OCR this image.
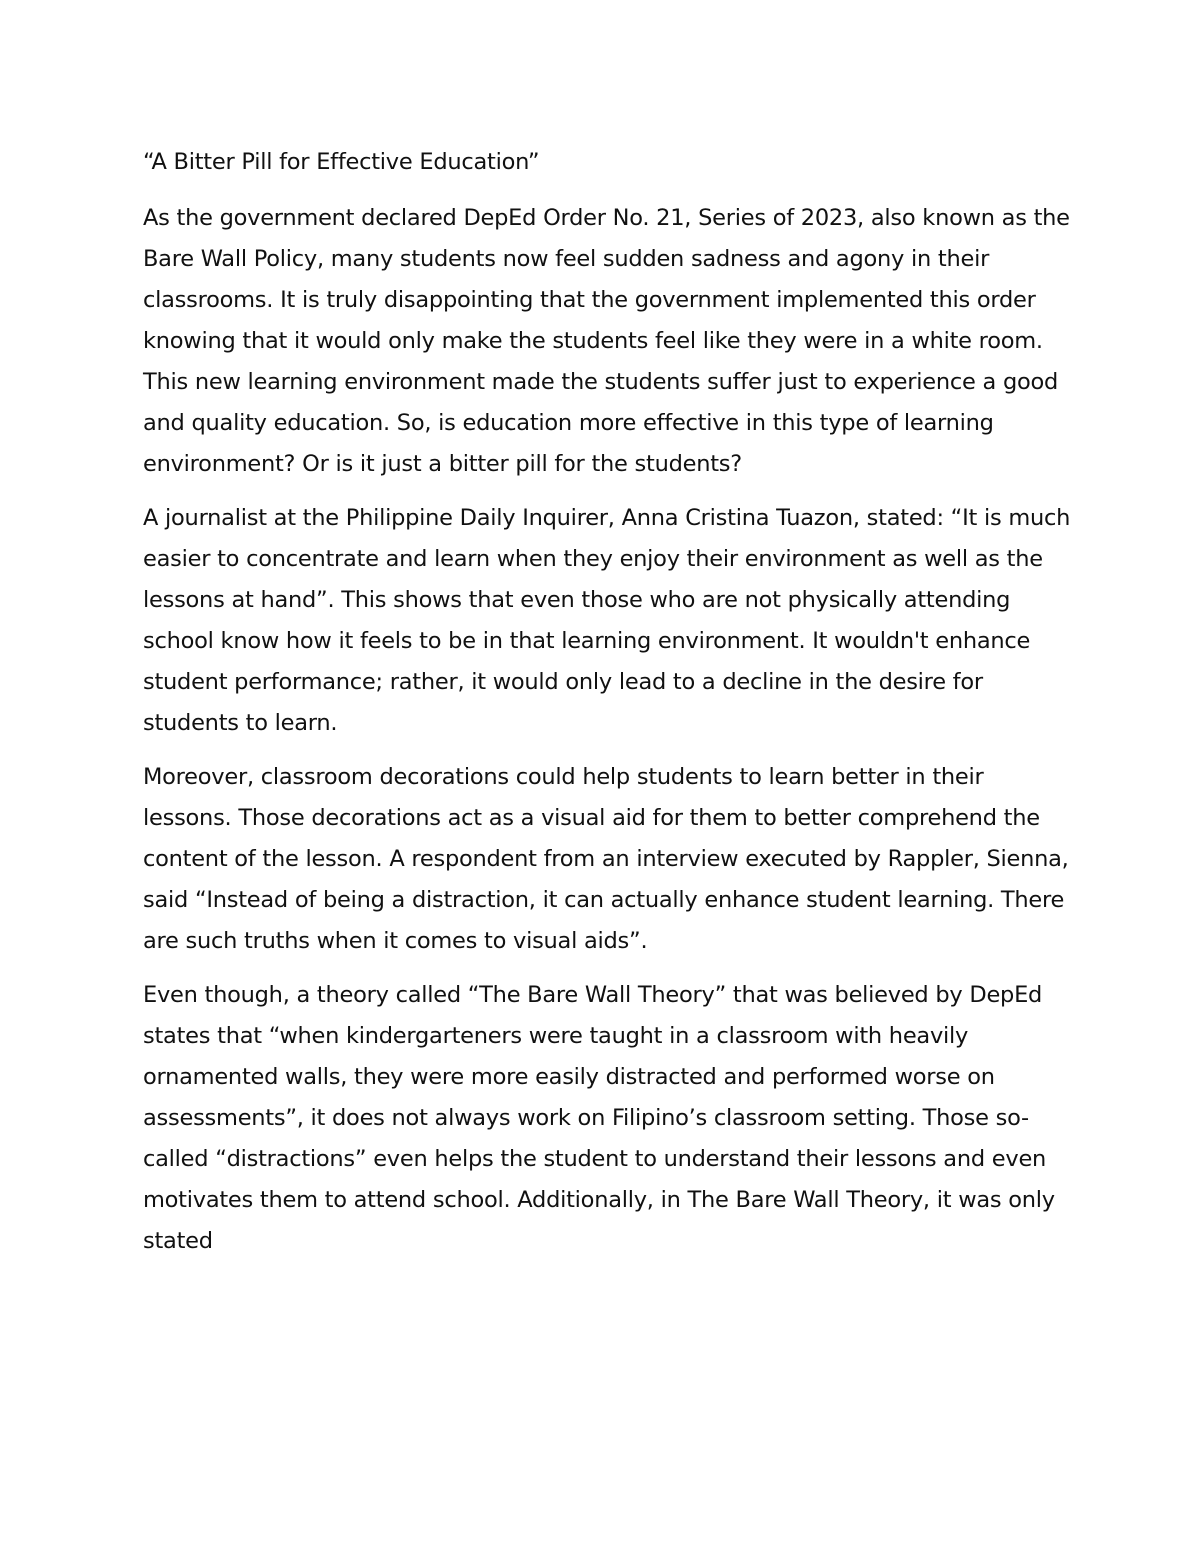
“A Bitter Pill for Effective Education”

As the government declared DepEd Order No. 21, Series of 2023, also known as the Bare Wall Policy, many students now feel sudden sadness and agony in their classrooms. It is truly disappointing that the government implemented this order knowing that it would only make the students feel like they were in a white room. This new learning environment made the students suffer just to experience a good and quality education. So, is education more effective in this type of learning environment? Or is it just a bitter pill for the students?

A journalist at the Philippine Daily Inquirer, Anna Cristina Tuazon, stated: “It is much easier to concentrate and learn when they enjoy their environment as well as the lessons at hand”. This shows that even those who are not physically attending school know how it feels to be in that learning environment. It wouldn't enhance student performance; rather, it would only lead to a decline in the desire for students to learn.

Moreover, classroom decorations could help students to learn better in their lessons. Those decorations act as a visual aid for them to better comprehend the content of the lesson. A respondent from an interview executed by Rappler, Sienna, said “Instead of being a distraction, it can actually enhance student learning. There are such truths when it comes to visual aids”.

Even though, a theory called “The Bare Wall Theory” that was believed by DepEd states that “when kindergarteners were taught in a classroom with heavily ornamented walls, they were more easily distracted and performed worse on assessments”, it does not always work on Filipino’s classroom setting. Those so-called “distractions” even helps the student to understand their lessons and even motivates them to attend school. Additionally, in The Bare Wall Theory, it was only stated
